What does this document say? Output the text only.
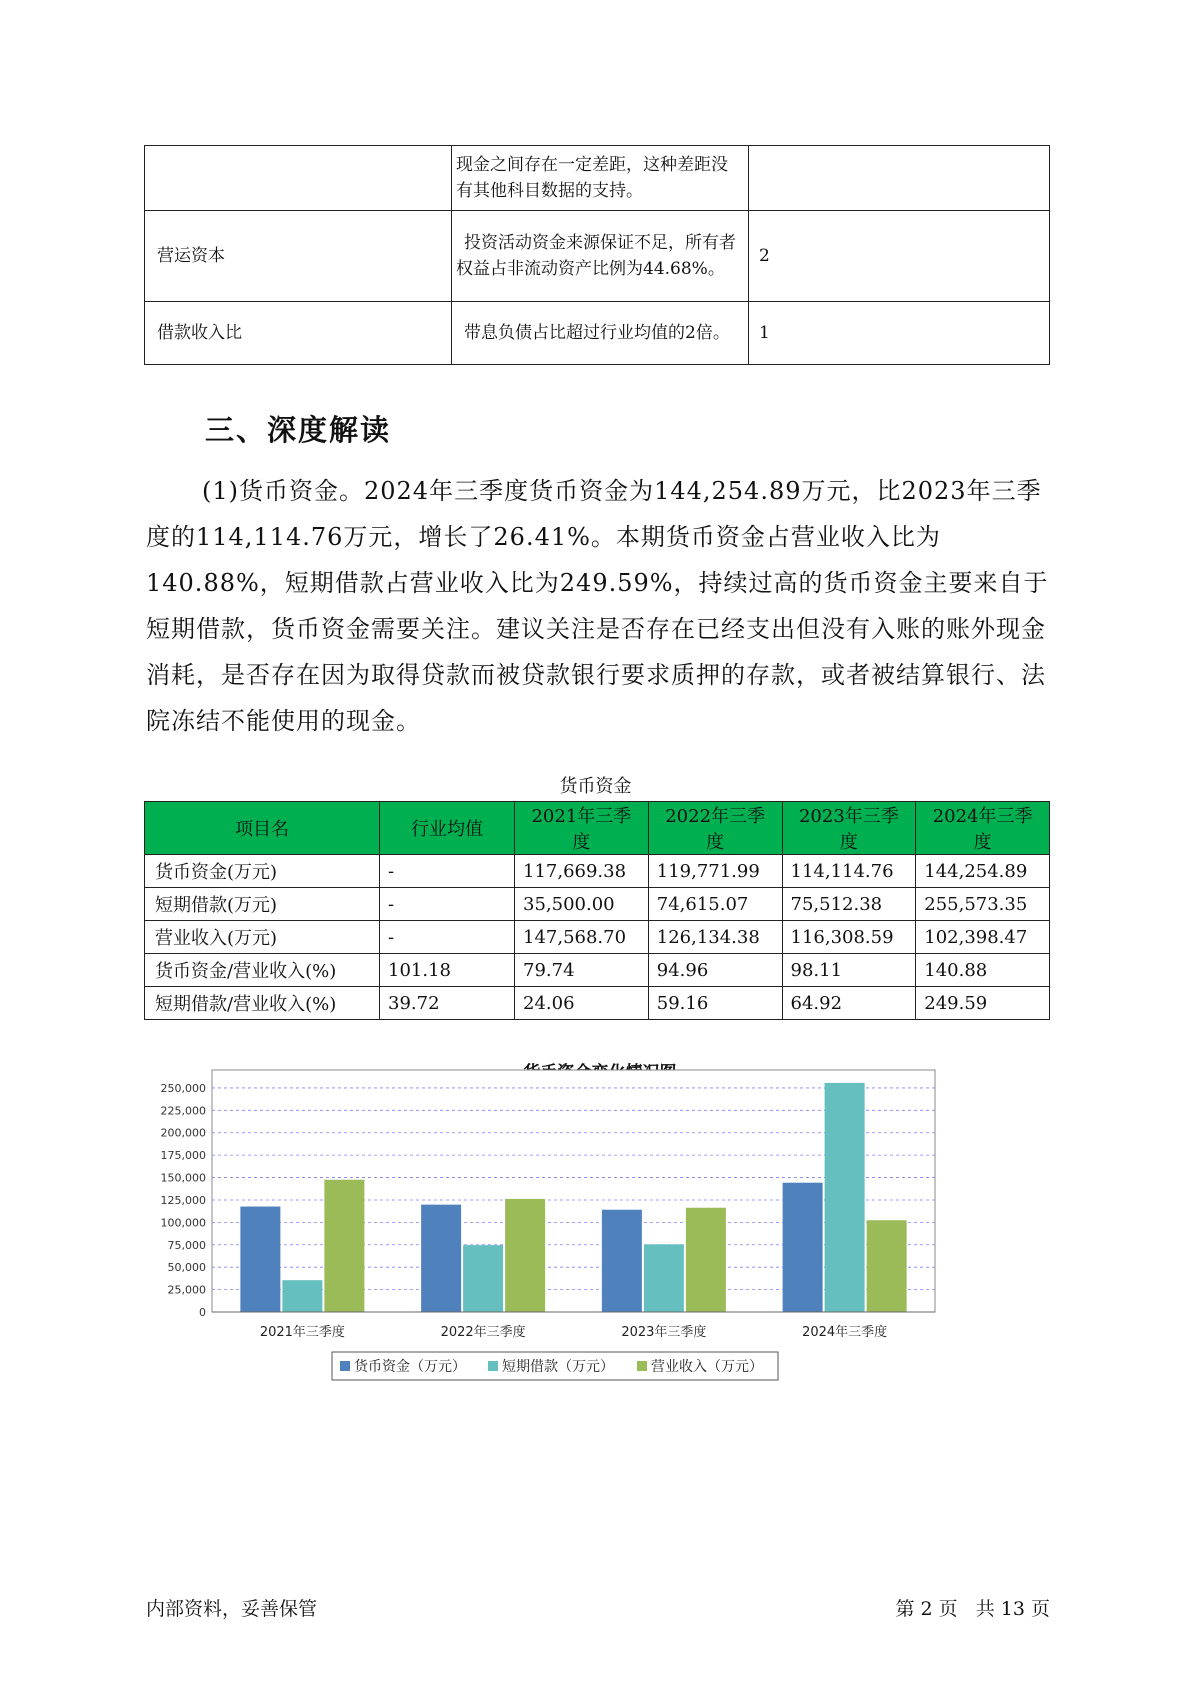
	现金之间存在一定差距，这种差距没有其他科目数据的支持。	
营运资本	投资活动资金来源保证不足，所有者权益占非流动资产比例为44.68%。	2
借款收入比	带息负债占比超过行业均值的2倍。	1
三、深度解读

(1)货币资金。2024年三季度货币资金为144,254.89万元，比2023年三季度的114,114.76万元，增长了26.41%。本期货币资金占营业收入比为140.88%，短期借款占营业收入比为249.59%，持续过高的货币资金主要来自于短期借款，货币资金需要关注。建议关注是否存在已经支出但没有入账的账外现金消耗，是否存在因为取得贷款而被贷款银行要求质押的存款，或者被结算银行、法院冻结不能使用的现金。

货币资金
项目名	行业均值	2021年三季度	2022年三季度	2023年三季度	2024年三季度
货币资金(万元)	-	117,669.38	119,771.99	114,114.76	144,254.89
短期借款(万元)	-	35,500.00	74,615.07	75,512.38	255,573.35
营业收入(万元)	-	147,568.70	126,134.38	116,308.59	102,398.47
货币资金/营业收入(%)	101.18	79.74	94.96	98.11	140.88
短期借款/营业收入(%)	39.72	24.06	59.16	64.92	249.59
0
25,000
50,000
75,000
100,000
125,000
150,000
175,000
200,000
225,000
250,000
2021年三季度	2022年三季度	2023年三季度	2024年三季度
货币资金（万元）	短期借款（万元）	营业收入（万元）
内部资料，妥善保管	第 2 页   共 13 页
